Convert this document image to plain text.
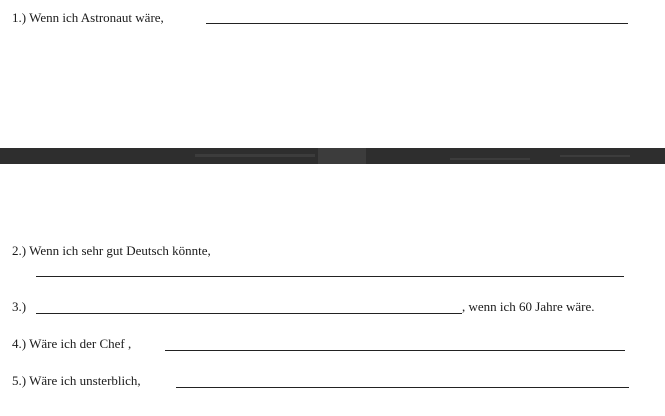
1.) Wenn ich Astronaut wäre,
2.) Wenn ich sehr gut Deutsch könnte,
3.)	, wenn ich 60 Jahre wäre.
4.) Wäre ich der Chef ,
5.) Wäre ich unsterblich,
